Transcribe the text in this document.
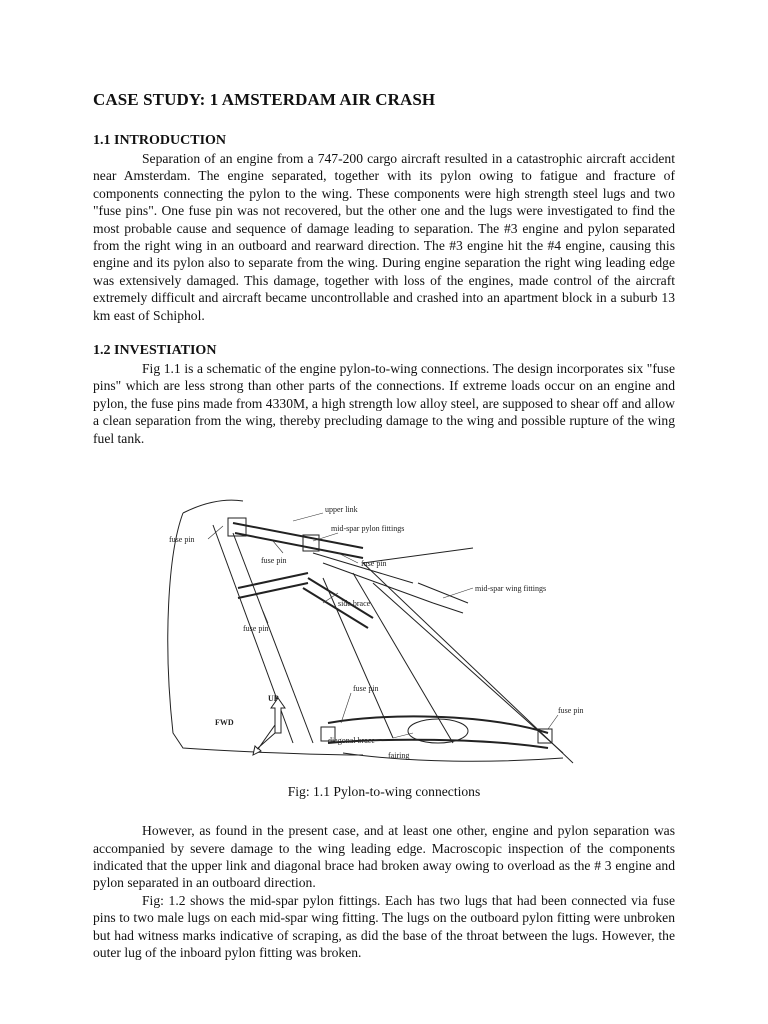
CASE STUDY: 1 AMSTERDAM AIR CRASH
1.1 INTRODUCTION

Separation of an engine from a 747-200 cargo aircraft resulted in a catastrophic aircraft accident near Amsterdam. The engine separated, together with its pylon owing to fatigue and fracture of components connecting the pylon to the wing. These components were high strength steel lugs and two "fuse pins". One fuse pin was not recovered, but the other one and the lugs were investigated to find the most probable cause and sequence of damage leading to separation. The #3 engine and pylon separated from the right wing in an outboard and rearward direction. The #3 engine hit the #4 engine, causing this engine and its pylon also to separate from the wing. During engine separation the right wing leading edge was extensively damaged. This damage, together with loss of the engines, made control of the aircraft extremely difficult and aircraft became uncontrollable and crashed into an apartment block in a suburb 13 km east of Schiphol.

1.2 INVESTIATION

Fig 1.1 is a schematic of the engine pylon-to-wing connections. The design incorporates six "fuse pins" which are less strong than other parts of the connections. If extreme loads occur on an engine and pylon, the fuse pins made from 4330M, a high strength low alloy steel, are supposed to shear off and allow a clean separation from the wing, thereby precluding damage to the wing and possible rupture of the wing fuel tank.

upper link
mid-spar pylon fittings
fuse pin
fuse pin	fuse pin
mid-spar wing fittings
side brace
fuse pin
fuse pin
fuse pin
diagonal brace
fairing
UP
FWD
Fig: 1.1 Pylon-to-wing connections

However, as found in the present case, and at least one other, engine and pylon separation was accompanied by severe damage to the wing leading edge. Macroscopic inspection of the components indicated that the upper link and diagonal brace had broken away owing to overload as the # 3 engine and pylon separated in an outboard direction.

Fig: 1.2 shows the mid-spar pylon fittings. Each has two lugs that had been connected via fuse pins to two male lugs on each mid-spar wing fitting. The lugs on the outboard pylon fitting were unbroken but had witness marks indicative of scraping, as did the base of the throat between the lugs. However, the outer lug of the inboard pylon fitting was broken.
